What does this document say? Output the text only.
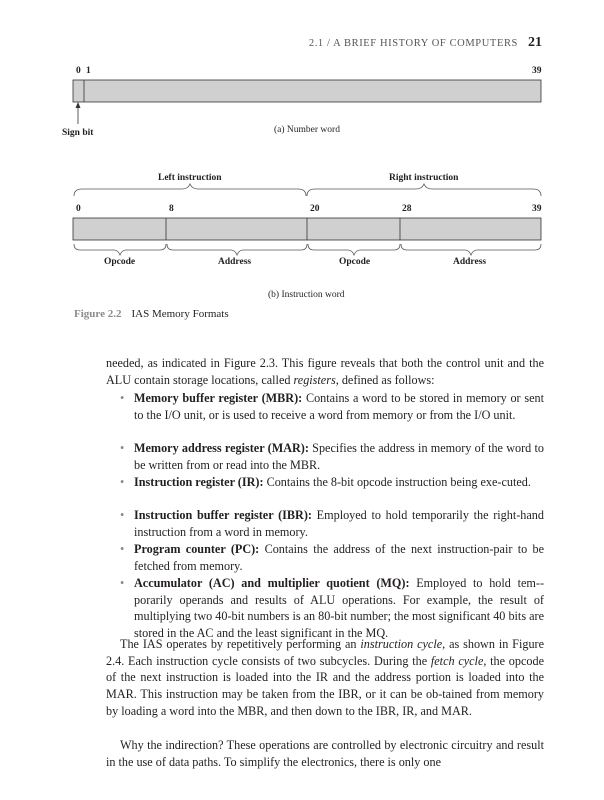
2.1 / A BRIEF HISTORY OF COMPUTERS 21
0 1	39
Sign bit	(a) Number word
Left instruction	Right instruction
0	8	20	28	39
Opcode	Address	Opcode	Address
(b) Instruction word
Figure 2.2 IAS Memory Formats
needed, as indicated in Figure 2.3. This figure reveals that both the control unit and the ALU contain storage locations, called registers, defined as follows:
• Memory buffer register (MBR): Contains a word to be stored in memory or sent to the I/O unit, or is used to receive a word from memory or from the I/O unit.
• Memory address register (MAR): Specifies the address in memory of the word to be written from or read into the MBR.
• Instruction register (IR): Contains the 8-bit opcode instruction being exe-cuted.
• Instruction buffer register (IBR): Employed to hold temporarily the right-hand instruction from a word in memory.
• Program counter (PC): Contains the address of the next instruction-pair to be fetched from memory.
• Accumulator (AC) and multiplier quotient (MQ): Employed to hold tem-porarily operands and results of ALU operations. For example, the result of multiplying two 40-bit numbers is an 80-bit number; the most significant 40 bits are stored in the AC and the least significant in the MQ.
The IAS operates by repetitively performing an instruction cycle, as shown in Figure 2.4. Each instruction cycle consists of two subcycles. During the fetch cycle, the opcode of the next instruction is loaded into the IR and the address portion is loaded into the MAR. This instruction may be taken from the IBR, or it can be ob-tained from memory by loading a word into the MBR, and then down to the IBR, IR, and MAR.
Why the indirection? These operations are controlled by electronic circuitry and result in the use of data paths. To simplify the electronics, there is only one
